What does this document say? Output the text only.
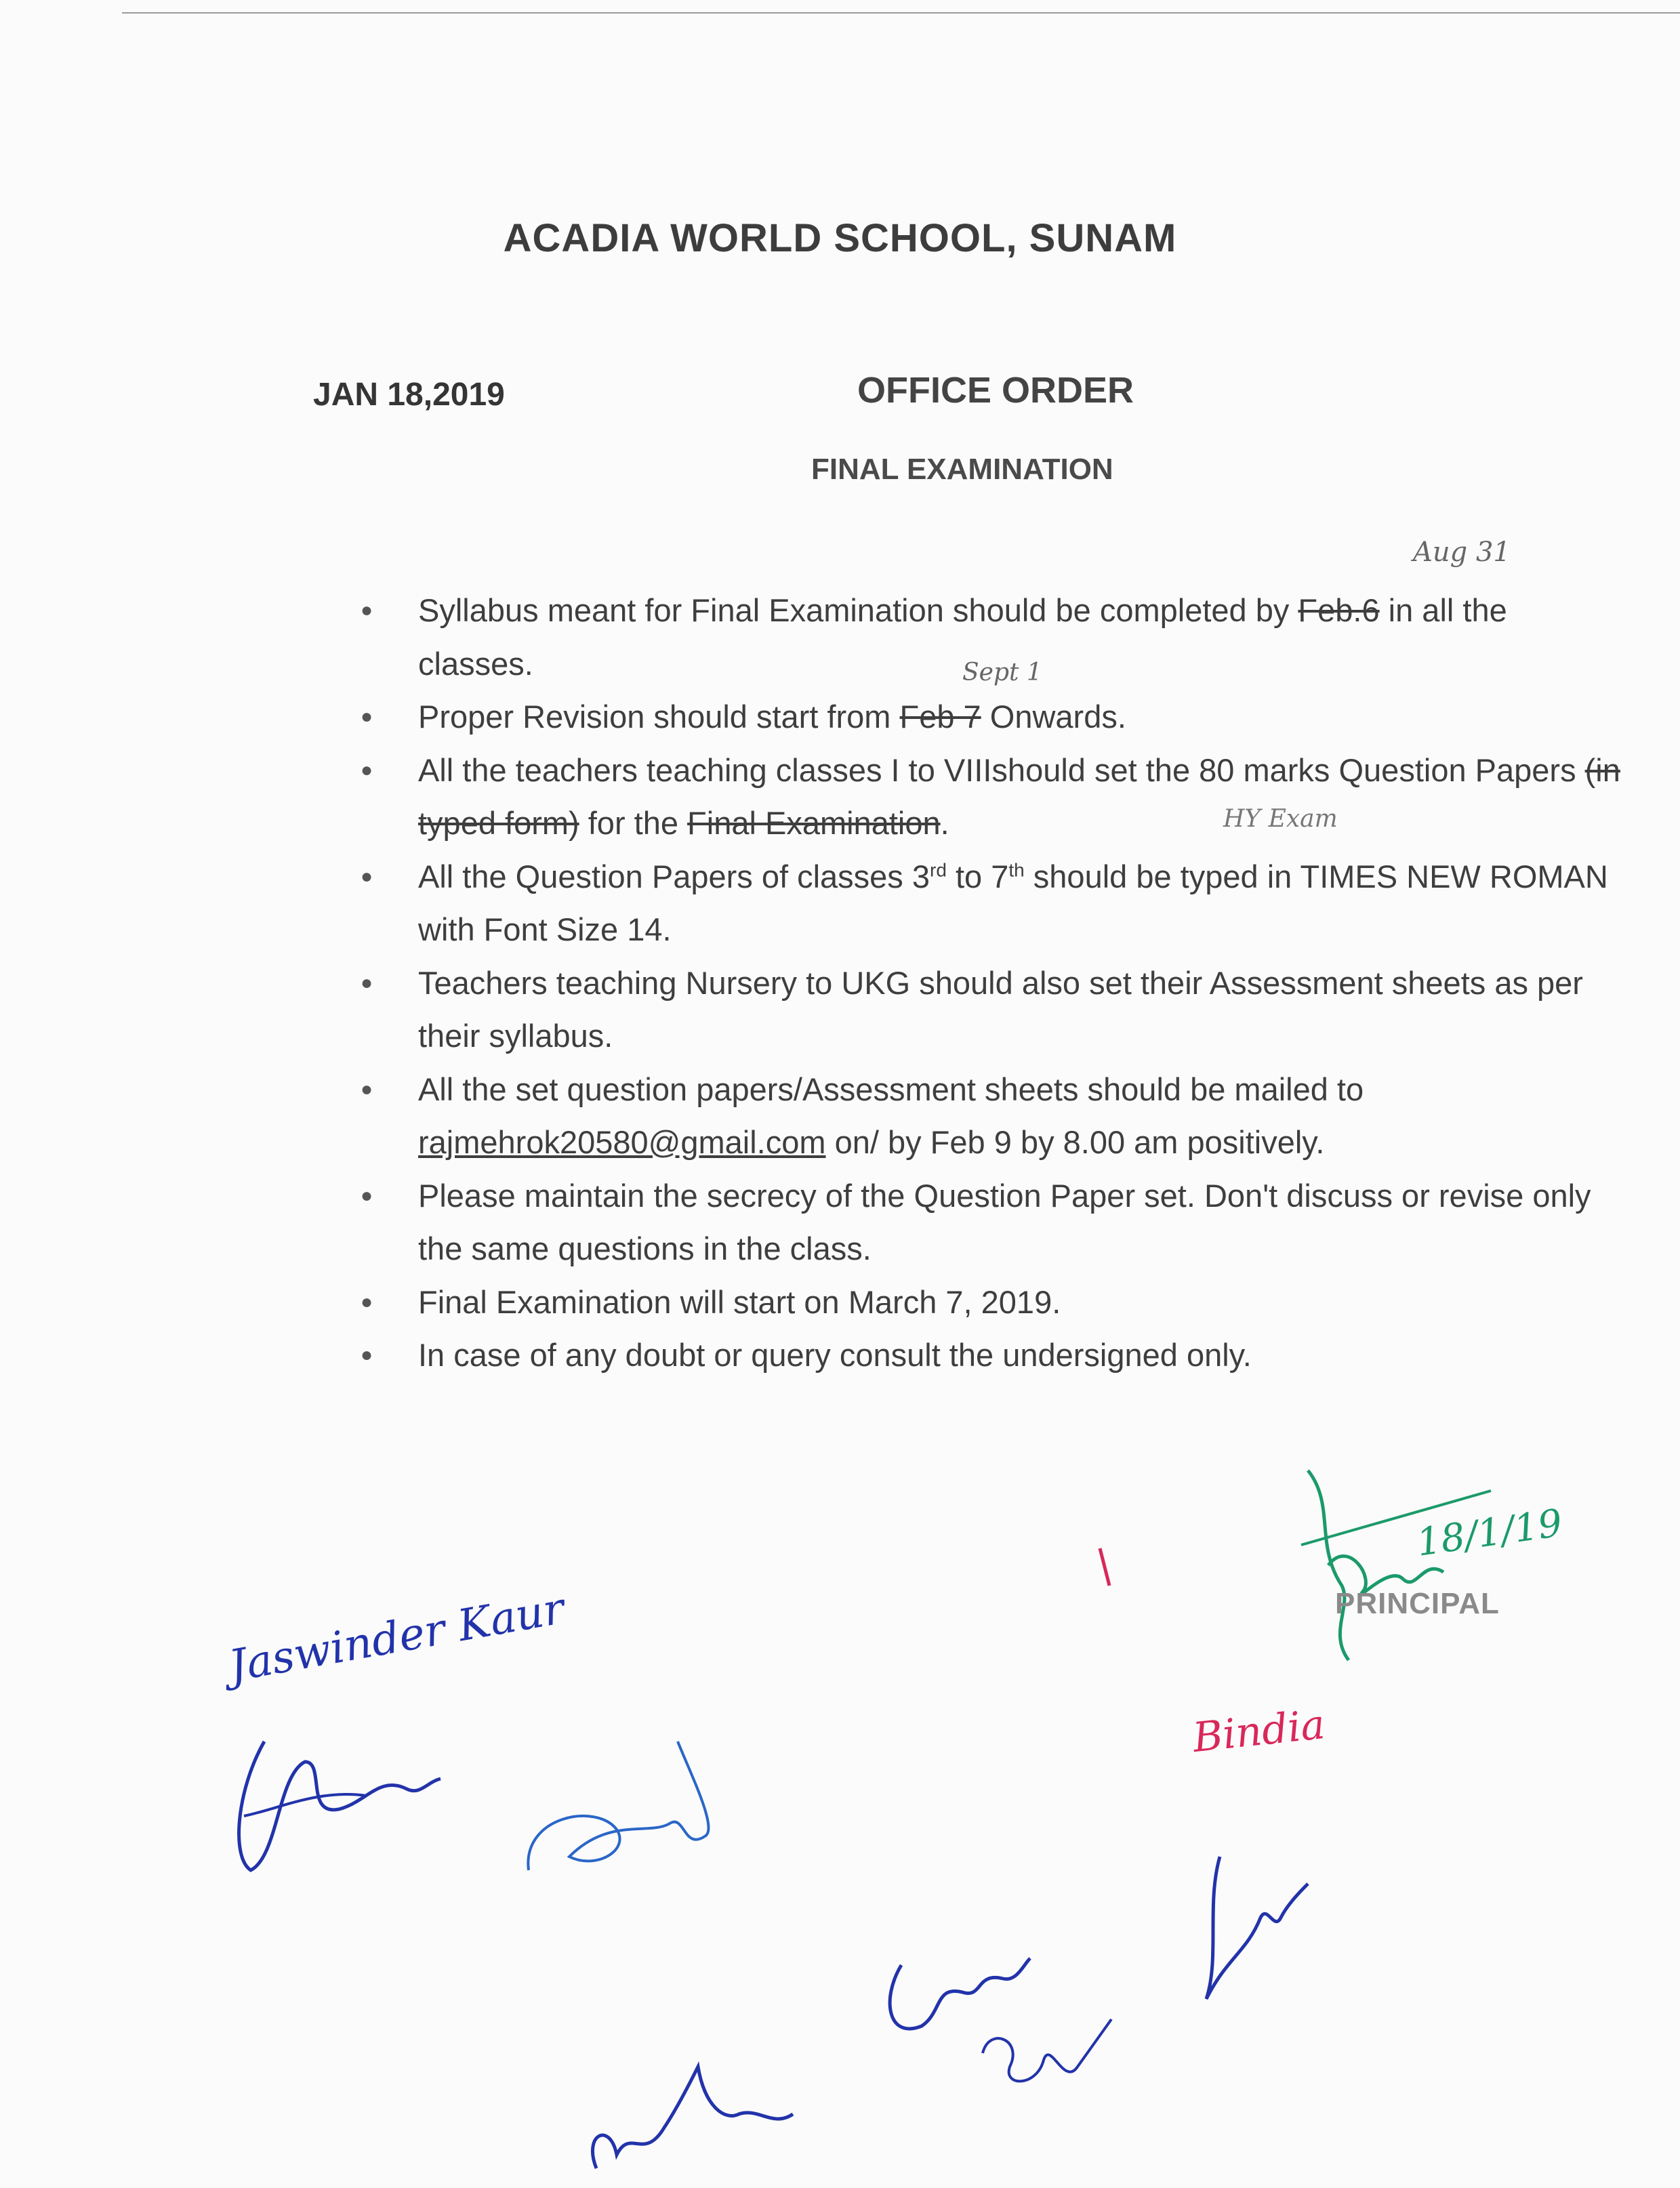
ACADIA WORLD SCHOOL, SUNAM
JAN 18,2019	OFFICE ORDER
FINAL EXAMINATION
Aug 31
Sept 1
HY Exam
● Syllabus meant for Final Examination should be completed by Feb.6 in all the classes.
● Proper Revision should start from Feb 7 Onwards.
● All the teachers teaching classes I to VIIIshould set the 80 marks Question Papers (in typed form) for the Final Examination.
● All the Question Papers of classes 3rd to 7th should be typed in TIMES NEW ROMAN with Font Size 14.
● Teachers teaching Nursery to UKG should also set their Assessment sheets as per their syllabus.
● All the set question papers/Assessment sheets should be mailed to rajmehrok20580@gmail.com on/ by Feb 9 by 8.00 am positively.
● Please maintain the secrecy of the Question Paper set. Don't discuss or revise only the same questions in the class.
● Final Examination will start on March 7, 2019.
● In case of any doubt or query consult the undersigned only.
18/1/19
PRINCIPAL
Jaswinder Kaur
Bindia
